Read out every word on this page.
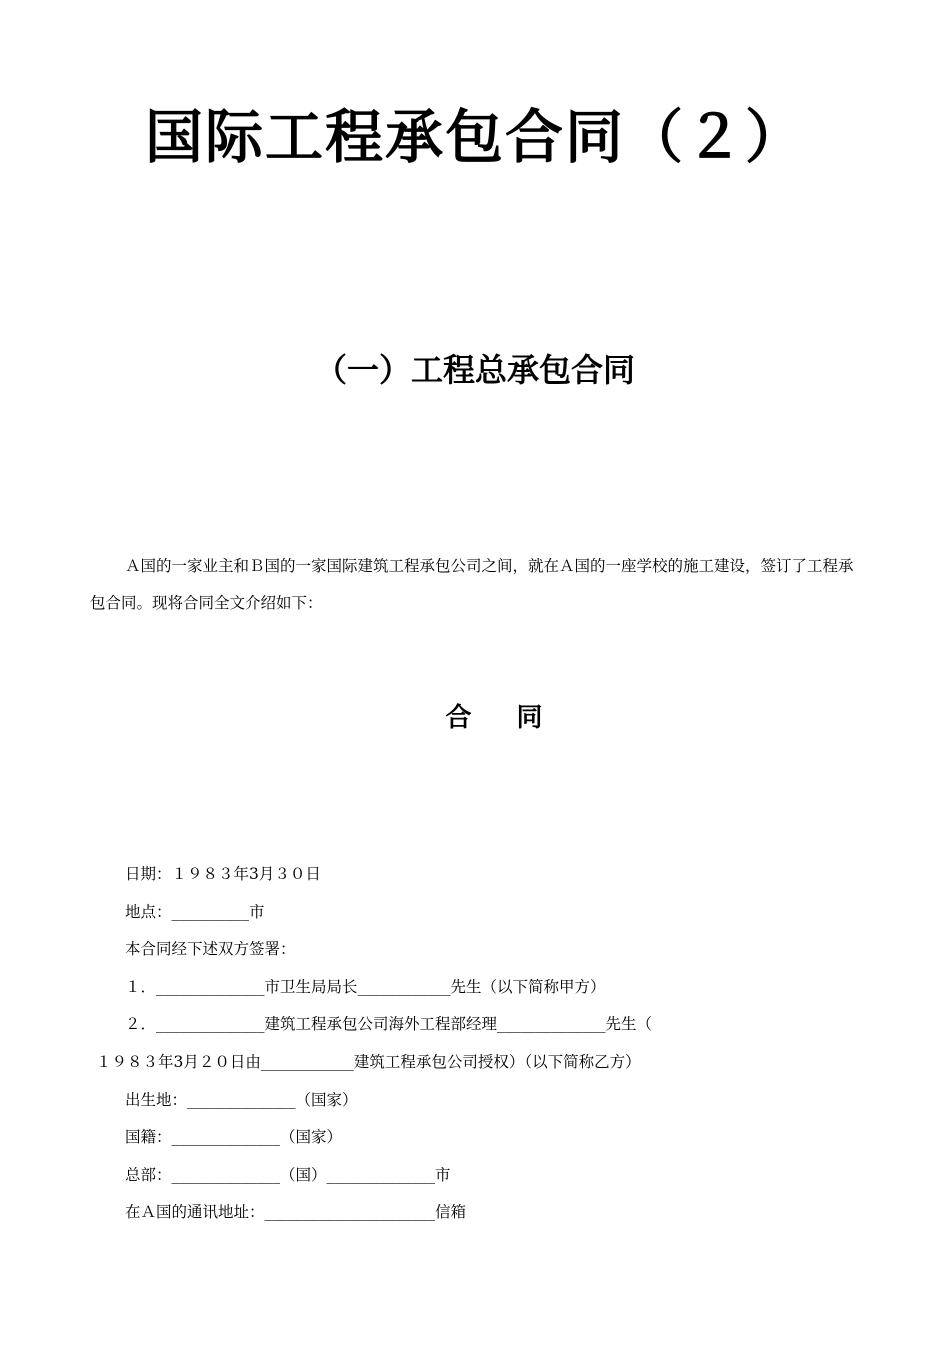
国际工程承包合同（２）
（一）工程总承包合同
Ａ国的一家业主和Ｂ国的一家国际建筑工程承包公司之间，就在Ａ国的一座学校的施工建设，签订了工程承包合同。现将合同全文介绍如下：
合 同
日期：１９８３年3月３０日
地点：__________市
本合同经下述双方签署：
１．______________市卫生局局长____________先生（以下简称甲方）
２．______________建筑工程承包公司海外工程部经理______________先生（
１９８３年3月２０日由____________建筑工程承包公司授权）（以下简称乙方）
出生地：______________（国家）
国籍：______________（国家）
总部：______________（国）______________市
在Ａ国的通讯地址：______________________信箱
